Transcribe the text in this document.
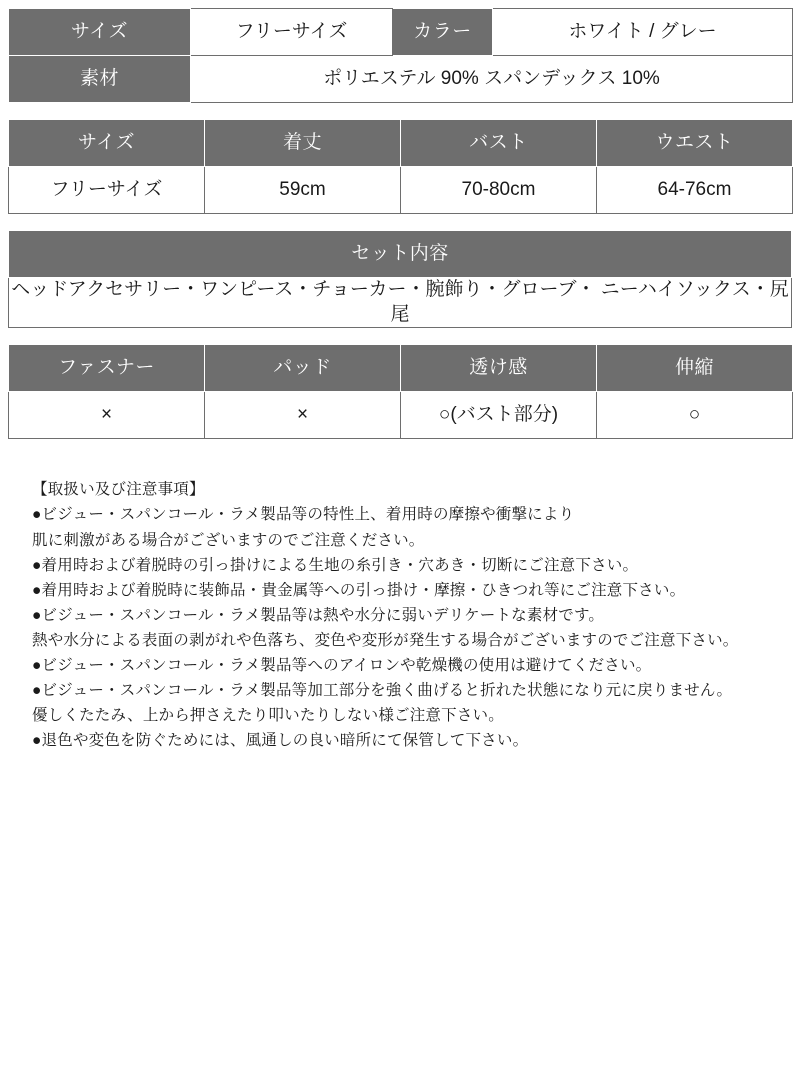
サイズ	フリーサイズ	カラー	ホワイト / グレー
素材	ポリエステル 90% スパンデックス 10%		
サイズ	着丈	バスト	ウエスト
フリーサイズ	59cm	70-80cm	64-76cm
セット内容
ヘッドアクセサリー・ワンピース・チョーカー・腕飾り・グローブ・ ニーハイソックス・尻尾
ファスナー	パッド	透け感	伸縮
×	×	○(バスト部分)	○
【取扱い及び注意事項】
●ビジュー・スパンコール・ラメ製品等の特性上、着用時の摩擦や衝撃により
肌に刺激がある場合がございますのでご注意ください。
●着用時および着脱時の引っ掛けによる生地の糸引き・穴あき・切断にご注意下さい。
●着用時および着脱時に装飾品・貴金属等への引っ掛け・摩擦・ひきつれ等にご注意下さい。
●ビジュー・スパンコール・ラメ製品等は熱や水分に弱いデリケートな素材です。
熱や水分による表面の剥がれや色落ち、変色や変形が発生する場合がございますのでご注意下さい。
●ビジュー・スパンコール・ラメ製品等へのアイロンや乾燥機の使用は避けてください。
●ビジュー・スパンコール・ラメ製品等加工部分を強く曲げると折れた状態になり元に戻りません。
優しくたたみ、上から押さえたり叩いたりしない様ご注意下さい。
●退色や変色を防ぐためには、風通しの良い暗所にて保管して下さい。
